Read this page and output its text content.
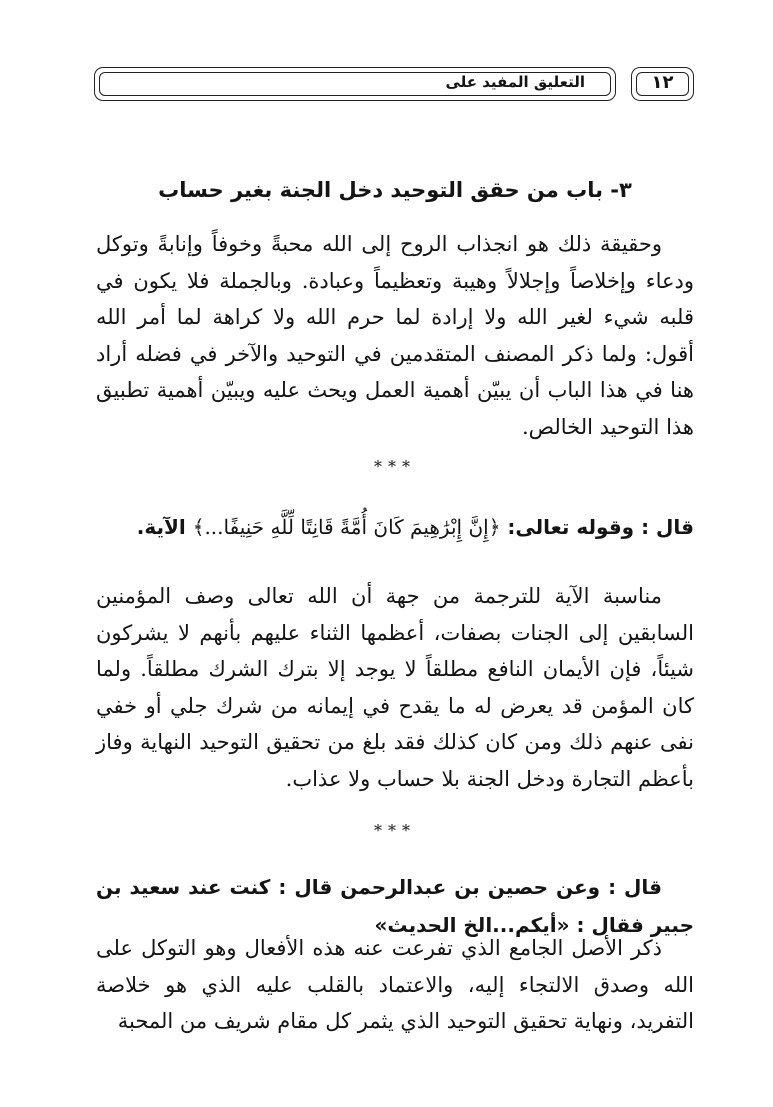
التعليق المفيد على	١٢
٣- باب من حقق التوحيد دخل الجنة بغير حساب
وحقيقة ذلك هو انجذاب الروح إلى الله محبةً وخوفاً وإنابةً وتوكل ودعاء وإخلاصاً وإجلالاً وهيبة وتعظيماً وعبادة. وبالجملة فلا يكون في قلبه شيء لغير الله ولا إرادة لما حرم الله ولا كراهة لما أمر الله أقول: ولما ذكر المصنف المتقدمين في التوحيد والآخر في فضله أراد هنا في هذا الباب أن يبيّن أهمية العمل ويحث عليه ويبيّن أهمية تطبيق هذا التوحيد الخالص.
***
قال : وقوله تعالى: ﴿إِنَّ إِبْرَٰهِيمَ كَانَ أُمَّةً قَانِتًا لِّلَّهِ حَنِيفًا...﴾ الآية.
مناسبة الآية للترجمة من جهة أن الله تعالى وصف المؤمنين السابقين إلى الجنات بصفات، أعظمها الثناء عليهم بأنهم لا يشركون شيئاً، فإن الأيمان النافع مطلقاً لا يوجد إلا بترك الشرك مطلقاً. ولما كان المؤمن قد يعرض له ما يقدح في إيمانه من شرك جلي أو خفي نفى عنهم ذلك ومن كان كذلك فقد بلغ من تحقيق التوحيد النهاية وفاز بأعظم التجارة ودخل الجنة بلا حساب ولا عذاب.
***
قال : وعن حصين بن عبدالرحمن قال : كنت عند سعيد بن جبير فقال : «أيكم...الخ الحديث»
ذكر الأصل الجامع الذي تفرعت عنه هذه الأفعال وهو التوكل على الله وصدق الالتجاء إليه، والاعتماد بالقلب عليه الذي هو خلاصة التفريد، ونهاية تحقيق التوحيد الذي يثمر كل مقام شريف من المحبة
